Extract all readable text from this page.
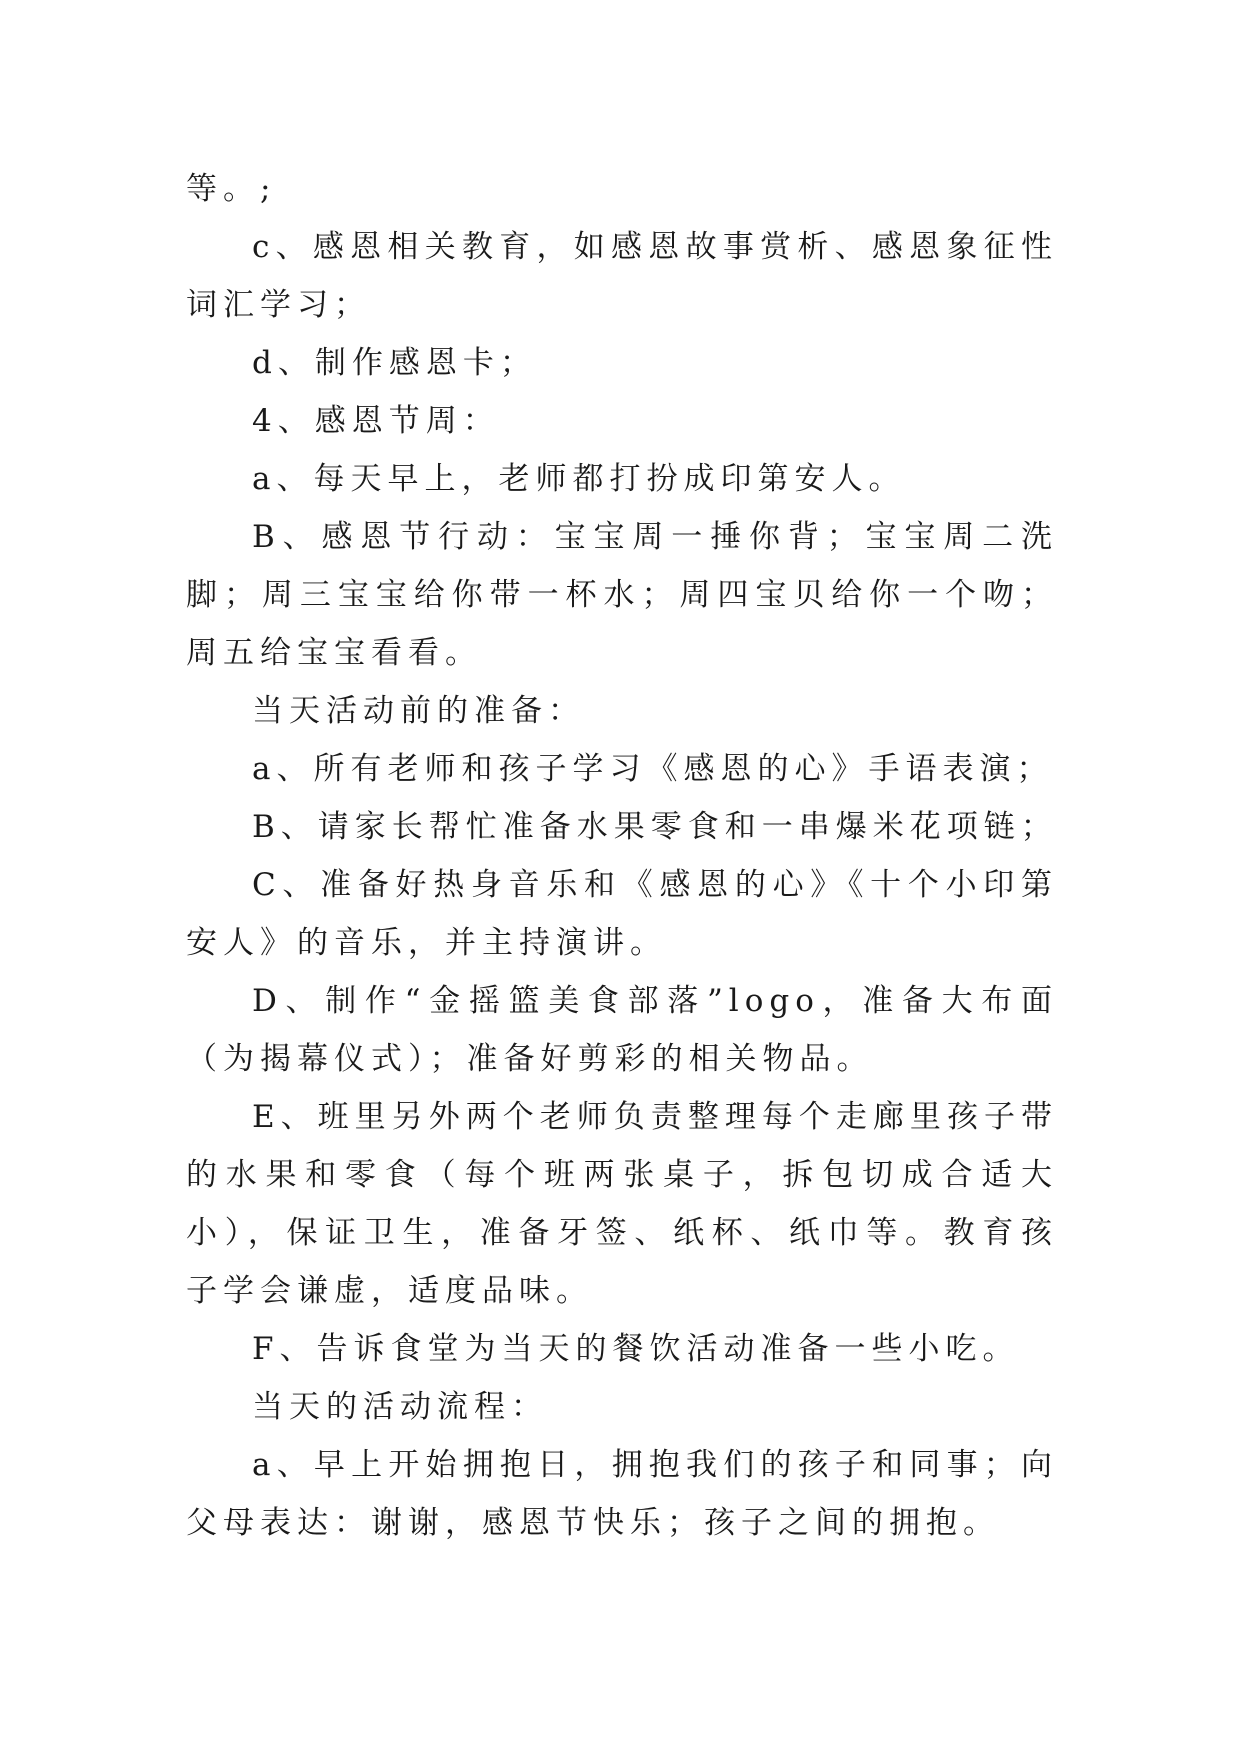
等。;

c、感恩相关教育，如感恩故事赏析、感恩象征性词汇学习；

d、制作感恩卡；

4、感恩节周：

a、每天早上，老师都打扮成印第安人。

B、感恩节行动：宝宝周一捶你背；宝宝周二洗脚；周三宝宝给你带一杯水；周四宝贝给你一个吻；周五给宝宝看看。

当天活动前的准备：

a、所有老师和孩子学习《感恩的心》手语表演；

B、请家长帮忙准备水果零食和一串爆米花项链；

C、准备好热身音乐和《感恩的心》《十个小印第安人》的音乐，并主持演讲。

D、制作“金摇篮美食部落”logo，准备大布面（为揭幕仪式）；准备好剪彩的相关物品。

E、班里另外两个老师负责整理每个走廊里孩子带的水果和零食（每个班两张桌子，拆包切成合适大小），保证卫生，准备牙签、纸杯、纸巾等。教育孩子学会谦虚，适度品味。

F、告诉食堂为当天的餐饮活动准备一些小吃。

当天的活动流程：

a、早上开始拥抱日，拥抱我们的孩子和同事；向父母表达：谢谢，感恩节快乐；孩子之间的拥抱。
